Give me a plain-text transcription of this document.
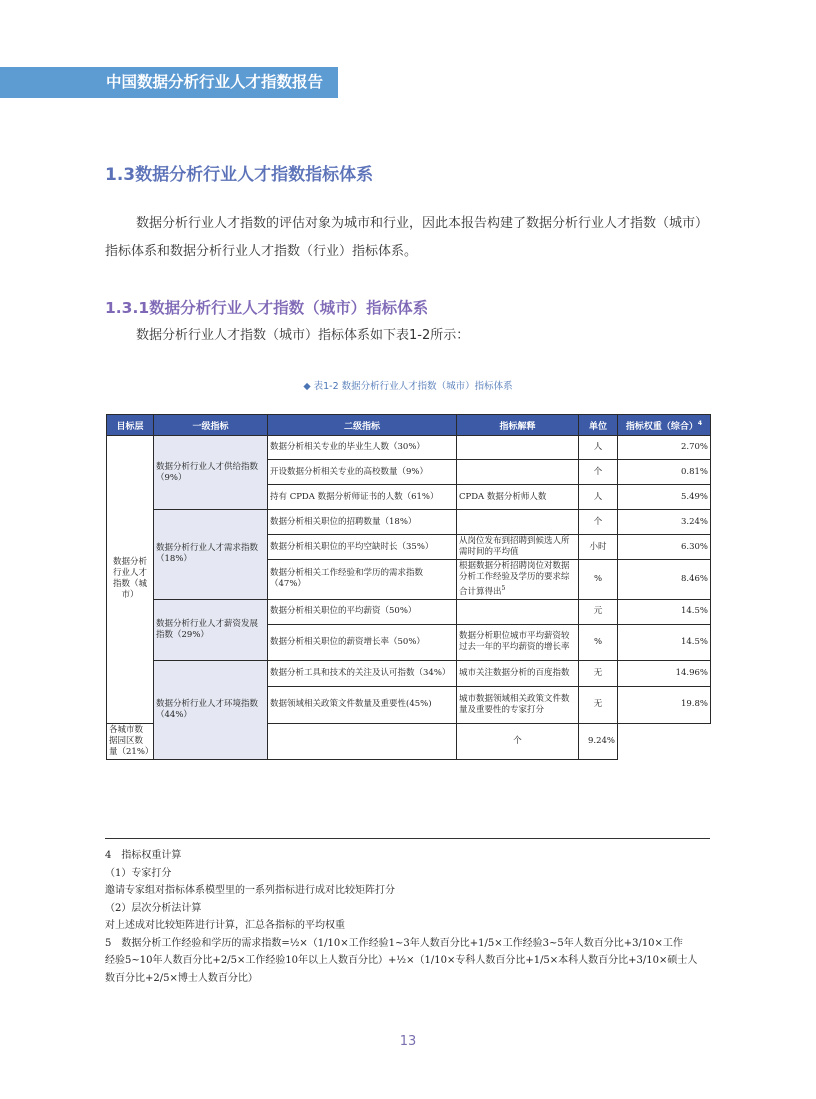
中国数据分析行业人才指数报告
1.3数据分析行业人才指数指标体系
数据分析行业人才指数的评估对象为城市和行业，因此本报告构建了数据分析行业人才指数（城市）
指标体系和数据分析行业人才指数（行业）指标体系。
1.3.1数据分析行业人才指数（城市）指标体系
数据分析行业人才指数（城市）指标体系如下表1-2所示：
◆ 表1-2 数据分析行业人才指数（城市）指标体系
目标层	一级指标	二级指标	指标解释	单位	指标权重（综合）$^4$
数据分析行业人才指数（城市）	数据分析行业人才供给指数（9%）	数据分析相关专业的毕业生人数（30%）		人	2.70%
		开设数据分析相关专业的高校数量（9%）		个	0.81%
		持有 CPDA 数据分析师证书的人数（61%）	CPDA 数据分析师人数	人	5.49%
	数据分析行业人才需求指数（18%）	数据分析相关职位的招聘数量（18%）		个	3.24%
		数据分析相关职位的平均空缺时长（35%）	从岗位发布到招聘到候选人所需时间的平均值	小时	6.30%
		数据分析相关工作经验和学历的需求指数（47%）	根据数据分析招聘岗位对数据分析工作经验及学历的要求综合计算得出$^5$	%	8.46%
	数据分析行业人才薪资发展指数（29%）	数据分析相关职位的平均薪资（50%）		元	14.5%
		数据分析相关职位的薪资增长率（50%）	数据分析职位城市平均薪资较过去一年的平均薪资的增长率	%	14.5%
	数据分析行业人才环境指数（44%）	数据分析工具和技术的关注及认可指数（34%）	城市关注数据分析的百度指数	无	14.96%
		数据领域相关政策文件数量及重要性(45%)	城市数据领域相关政策文件数量及重要性的专家打分	无	19.8%
各城市数据园区数量（21%）			个	9.24%	
4　指标权重计算
（1）专家打分
邀请专家组对指标体系模型里的一系列指标进行成对比较矩阵打分
（2）层次分析法计算
对上述成对比较矩阵进行计算，汇总各指标的平均权重
5　数据分析工作经验和学历的需求指数=½×（1/10×工作经验1~3年人数百分比+1/5×工作经验3~5年人数百分比+3/10×工作
经验5~10年人数百分比+2/5×工作经验10年以上人数百分比）+½×（1/10×专科人数百分比+1/5×本科人数百分比+3/10×硕士人
数百分比+2/5×博士人数百分比）
13
